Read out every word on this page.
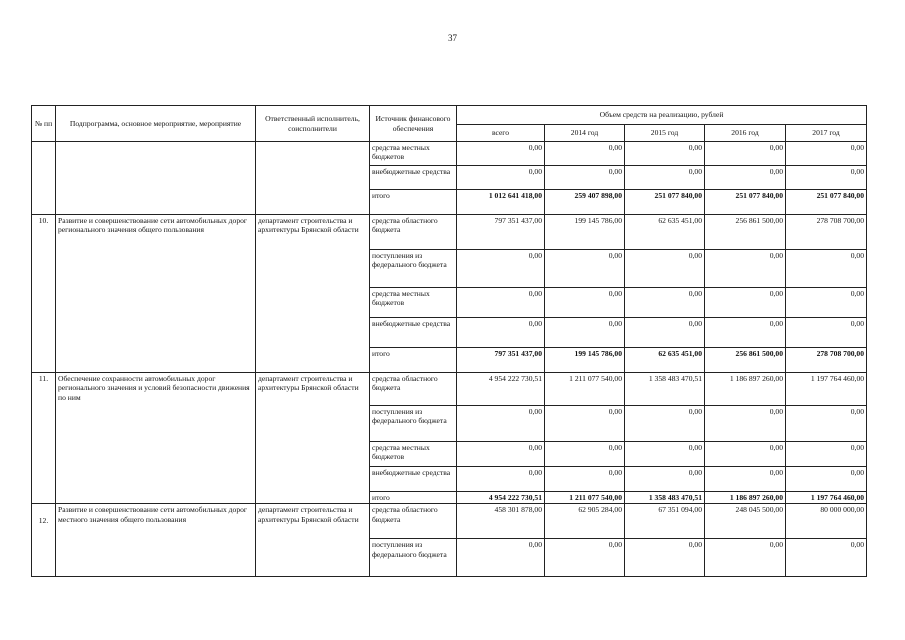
37
№ пп	Подпрограмма, основное мероприятие, мероприятие	Ответственный исполнитель, соисполнители	Источник финансового обеспечения	Объем средств на реализацию, рублей				
				всего	2014 год	2015 год	2016 год	2017 год
			средства местных бюджетов	0,00	0,00	0,00	0,00	0,00
			внебюджетные средства	0,00	0,00	0,00	0,00	0,00
			итого	1 012 641 418,00	259 407 898,00	251 077 840,00	251 077 840,00	251 077 840,00
10.	Развитие и совершенствование сети автомобильных дорог регионального значения общего пользования	департамент строительства и архитектуры Брянской области	средства областного бюджета	797 351 437,00	199 145 786,00	62 635 451,00	256 861 500,00	278 708 700,00
			поступления из федерального бюджета	0,00	0,00	0,00	0,00	0,00
			средства местных бюджетов	0,00	0,00	0,00	0,00	0,00
			внебюджетные средства	0,00	0,00	0,00	0,00	0,00
			итого	797 351 437,00	199 145 786,00	62 635 451,00	256 861 500,00	278 708 700,00
11.	Обеспечение сохранности автомобильных дорог регионального значения и условий безопасности движения по ним	департамент строительства и архитектуры Брянской области	средства областного бюджета	4 954 222 730,51	1 211 077 540,00	1 358 483 470,51	1 186 897 260,00	1 197 764 460,00
			поступления из федерального бюджета	0,00	0,00	0,00	0,00	0,00
			средства местных бюджетов	0,00	0,00	0,00	0,00	0,00
			внебюджетные средства	0,00	0,00	0,00	0,00	0,00
			итого	4 954 222 730,51	1 211 077 540,00	1 358 483 470,51	1 186 897 260,00	1 197 764 460,00
12.	Развитие и совершенствование сети автомобильных дорог местного значения общего пользования	департамент строительства и архитектуры Брянской области	средства областного бюджета	458 301 878,00	62 905 284,00	67 351 094,00	248 045 500,00	80 000 000,00
			поступления из федерального бюджета	0,00	0,00	0,00	0,00	0,00
